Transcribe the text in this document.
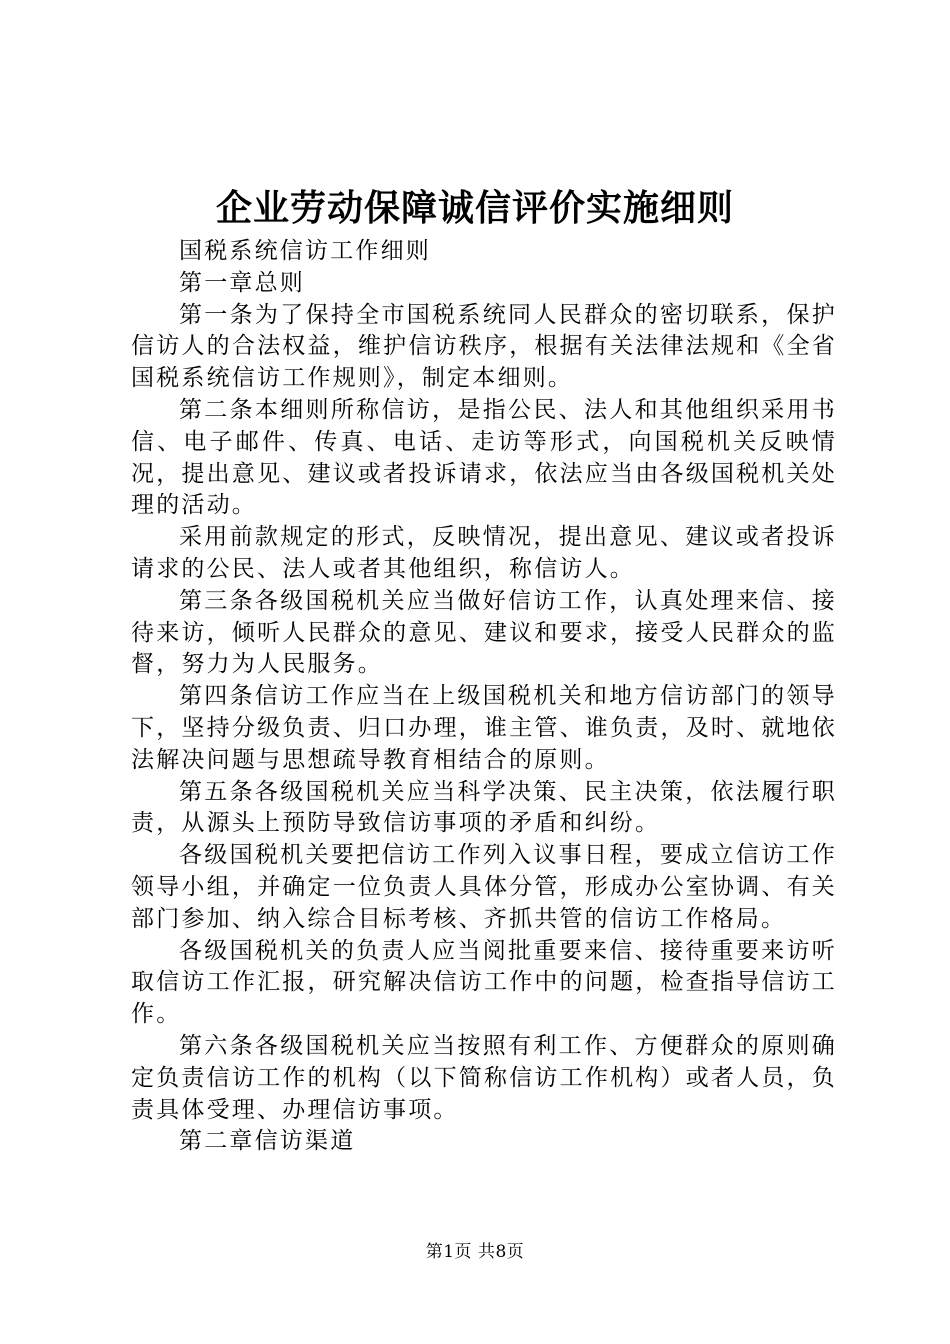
企业劳动保障诚信评价实施细则

国税系统信访工作细则

第一章总则

第一条为了保持全市国税系统同人民群众的密切联系，保护信访人的合法权益，维护信访秩序，根据有关法律法规和《全省国税系统信访工作规则》，制定本细则。

第二条本细则所称信访，是指公民、法人和其他组织采用书信、电子邮件、传真、电话、走访等形式，向国税机关反映情况，提出意见、建议或者投诉请求，依法应当由各级国税机关处理的活动。

采用前款规定的形式，反映情况，提出意见、建议或者投诉请求的公民、法人或者其他组织，称信访人。

第三条各级国税机关应当做好信访工作，认真处理来信、接待来访，倾听人民群众的意见、建议和要求，接受人民群众的监督，努力为人民服务。

第四条信访工作应当在上级国税机关和地方信访部门的领导下，坚持分级负责、归口办理，谁主管、谁负责，及时、就地依法解决问题与思想疏导教育相结合的原则。

第五条各级国税机关应当科学决策、民主决策，依法履行职责，从源头上预防导致信访事项的矛盾和纠纷。

各级国税机关要把信访工作列入议事日程，要成立信访工作领导小组，并确定一位负责人具体分管，形成办公室协调、有关部门参加、纳入综合目标考核、齐抓共管的信访工作格局。

各级国税机关的负责人应当阅批重要来信、接待重要来访听取信访工作汇报，研究解决信访工作中的问题，检查指导信访工作。

第六条各级国税机关应当按照有利工作、方便群众的原则确定负责信访工作的机构（以下简称信访工作机构）或者人员，负责具体受理、办理信访事项。

第二章信访渠道

第1页 共8页
